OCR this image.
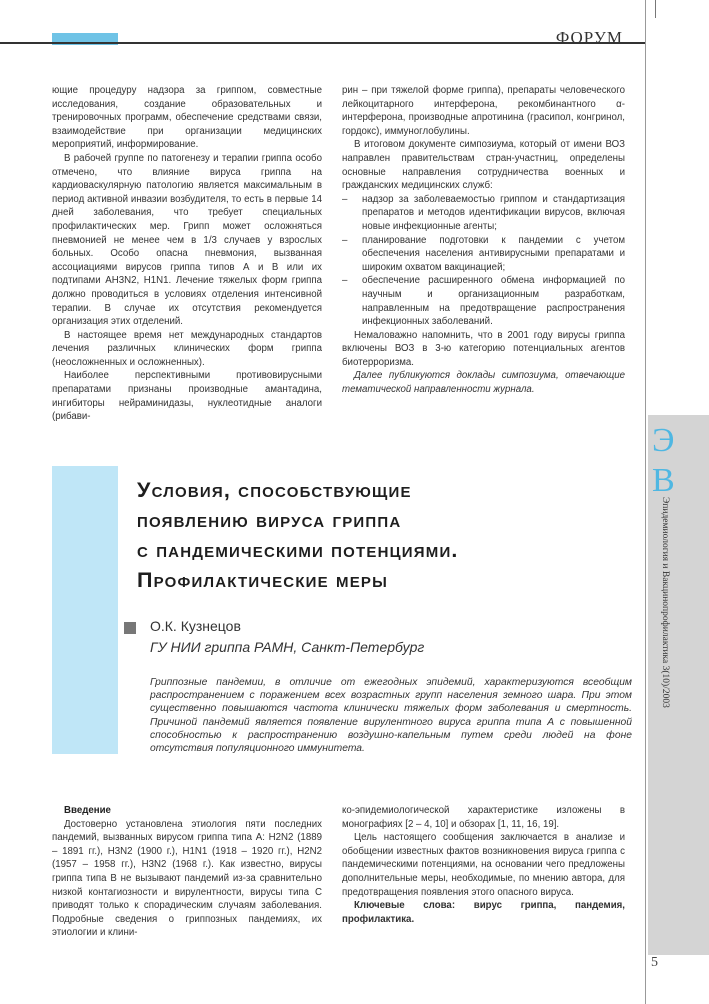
ФОРУМ
Э
В
Эпидемиология и Вакцинопрофилактика 3(10)/2003
5

ющие процедуру надзора за гриппом, совместные исследования, создание образовательных и тренировочных программ, обеспечение средствами связи, взаимодействие при организации медицинских мероприятий, информирование.

В рабочей группе по патогенезу и терапии гриппа особо отмечено, что влияние вируса гриппа на кардиоваскулярную патологию является максимальным в период активной инвазии возбудителя, то есть в первые 14 дней заболевания, что требует специальных профилактических мер. Грипп может осложняться пневмонией не менее чем в 1/3 случаев у взрослых больных. Особо опасна пневмония, вызванная ассоциациями вирусов гриппа типов А и В или их подтипами АН3N2, H1N1. Лечение тяжелых форм гриппа должно проводиться в условиях отделения интенсивной терапии. В случае их отсутствия рекомендуется организация этих отделений.

В настоящее время нет международных стандартов лечения различных клинических форм гриппа (неосложненных и осложненных).

Наиболее перспективными противовирусными препаратами признаны производные амантадина, ингибиторы нейраминидазы, нуклеотидные аналоги (рибави-

рин – при тяжелой форме гриппа), препараты человеческого лейкоцитарного интерферона, рекомбинантного α-интерферона, производные апротинина (грасипол, конгринол, гордокс), иммуноглобулины.

В итоговом документе симпозиума, который от имени ВОЗ направлен правительствам стран-участниц, определены основные направления сотрудничества военных и гражданских медицинских служб:

– надзор за заболеваемостью гриппом и стандартизация препаратов и методов идентификации вирусов, включая новые инфекционные агенты;
– планирование подготовки к пандемии с учетом обеспечения населения антивирусными препаратами и широким охватом вакцинацией;
– обеспечение расширенного обмена информацией по научным и организационным разработкам, направленным на предотвращение распространения инфекционных заболеваний.

Немаловажно напомнить, что в 2001 году вирусы гриппа включены ВОЗ в 3-ю категорию потенциальных агентов биотерроризма.

Далее публикуются доклады симпозиума, отвечающие тематической направленности журнала.

Условия, способствующие
появлению вируса гриппа
с пандемическими потенциями.
Профилактические меры
О.К. Кузнецов
ГУ НИИ гриппа РАМН, Санкт-Петербург
Гриппозные пандемии, в отличие от ежегодных эпидемий, характеризуются всеобщим распространением с поражением всех возрастных групп населения земного шара. При этом существенно повышаются частота клинически тяжелых форм заболевания и смертность. Причиной пандемий является появление вирулентного вируса гриппа типа А с повышенной способностью к распространению воздушно-капельным путем среди людей на фоне отсутствия популяционного иммунитета.

Введение

Достоверно установлена этиология пяти последних пандемий, вызванных вирусом гриппа типа А: H2N2 (1889 – 1891 гг.), H3N2 (1900 г.), H1N1 (1918 – 1920 гг.), H2N2 (1957 – 1958 гг.), H3N2 (1968 г.). Как известно, вирусы гриппа типа В не вызывают пандемий из-за сравнительно низкой контагиозности и вирулентности, вирусы типа С приводят только к спорадическим случаям заболевания. Подробные сведения о гриппозных пандемиях, их этиологии и клини-

ко-эпидемиологической характеристике изложены в монографиях [2 – 4, 10] и обзорах [1, 11, 16, 19].

Цель настоящего сообщения заключается в анализе и обобщении известных фактов возникновения вируса гриппа с пандемическими потенциями, на основании чего предложены дополнительные меры, необходимые, по мнению автора, для предотвращения появления этого опасного вируса.

Ключевые слова: вирус гриппа, пандемия, профилактика.
